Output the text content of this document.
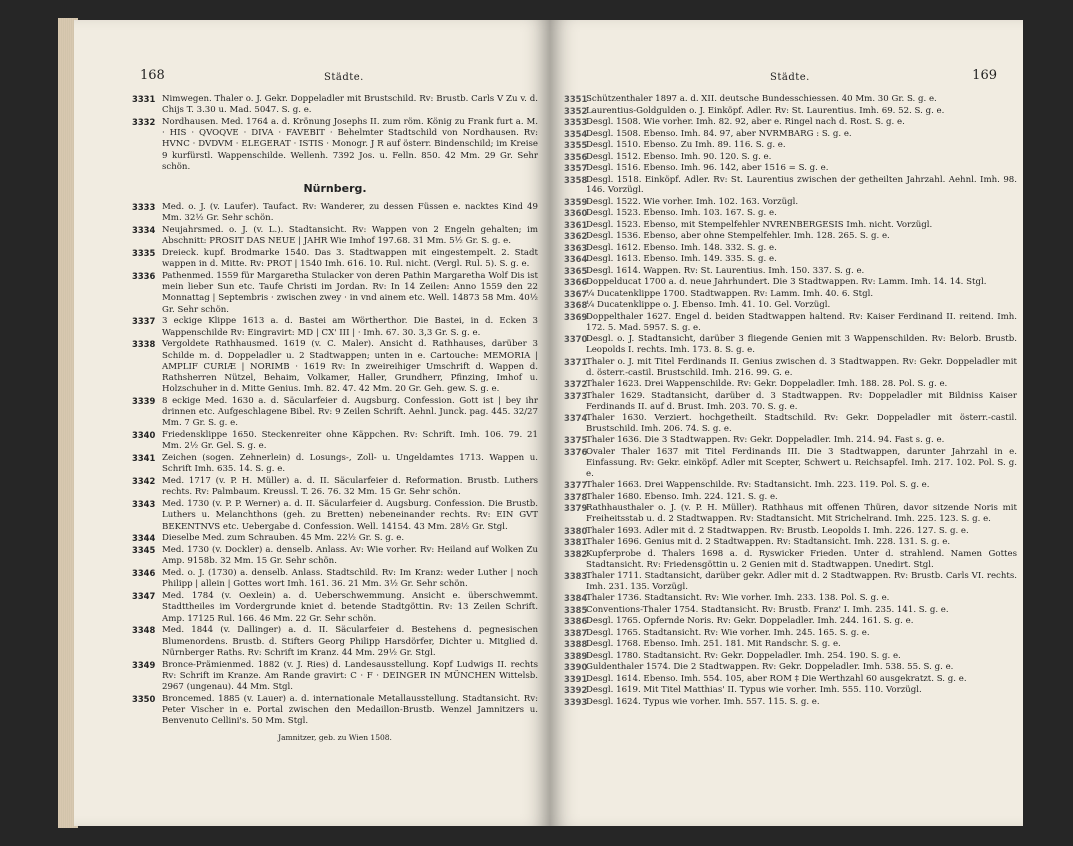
168	Städte.
3331 Nimwegen. Thaler o. J. Gekr. Doppeladler mit Brustschild. Rv: Brustb. Carls V Zu v. d. Chijs T. 3.30 u. Mad. 5047. S. g. e.
3332 Nordhausen. Med. 1764 a. d. Krönung Josephs II. zum röm. König zu Frank furt a. M. · HIS · QVOQVE · DIVA · FAVEBIT · Behelmter Stadtschild von Nordhausen. Rv: HVNC · DVDVM · ELEGERAT · ISTIS · Monogr. J R auf österr. Bindenschild; im Kreise 9 kurfürstl. Wappenschilde. Wellenh. 7392 Jos. u. Felln. 850. 42 Mm. 29 Gr. Sehr schön.
Nürnberg.
3333 Med. o. J. (v. Laufer). Taufact. Rv: Wanderer, zu dessen Füssen e. nacktes Kind 49 Mm. 32½ Gr. Sehr schön.
3334 Neujahrsmed. o. J. (v. L.). Stadtansicht. Rv: Wappen von 2 Engeln gehalten; im Abschnitt: PROSIT DAS NEUE | JAHR Wie Imhof 197.68. 31 Mm. 5½ Gr. S. g. e.
3335 Dreieck. kupf. Brodmarke 1540. Das 3. Stadtwappen mit eingestempelt. 2. Stadt wappen in d. Mitte. Rv: PROT | 1540 Imh. 616. 10. Rul. nicht. (Vergl. Rul. 5). S. g. e.
3336 Pathenmed. 1559 für Margaretha Stulacker von deren Pathin Margaretha Wolf Dis ist mein lieber Sun etc. Taufe Christi im Jordan. Rv: In 14 Zeilen: Anno 1559 den 22 Monnattag | Septembris · zwischen zwey · in vnd ainem etc. Well. 14873 58 Mm. 40½ Gr. Sehr schön.
3337 3 eckige Klippe 1613 a. d. Bastei am Wörtherthor. Die Bastei, in d. Ecken 3 Wappenschilde Rv: Eingravirt: MD | CX' III | · Imh. 67. 30. 3,3 Gr. S. g. e.
3338 Vergoldete Rathhausmed. 1619 (v. C. Maler). Ansicht d. Rathhauses, darüber 3 Schilde m. d. Doppeladler u. 2 Stadtwappen; unten in e. Cartouche: MEMORIA | AMPLIF CURIÆ | NORIMB · 1619 Rv: In zweireihiger Umschrift d. Wappen d. Rathsherren Nützel, Behaim, Volkamer, Haller, Grundherr, Pfinzing, Imhof u. Holzschuher in d. Mitte Genius. Imh. 82. 47. 42 Mm. 20 Gr. Geh. gew. S. g. e.
3339 8 eckige Med. 1630 a. d. Säcularfeier d. Augsburg. Confession. Gott ist | bey ihr drinnen etc. Aufgeschlagene Bibel. Rv: 9 Zeilen Schrift. Aehnl. Junck. pag. 445. 32/27 Mm. 7 Gr. S. g. e.
3340 Friedensklippe 1650. Steckenreiter ohne Käppchen. Rv: Schrift. Imh. 106. 79. 21 Mm. 2½ Gr. Gel. S. g. e.
3341 Zeichen (sogen. Zehnerlein) d. Losungs-, Zoll- u. Ungeldamtes 1713. Wappen u. Schrift Imh. 635. 14. S. g. e.
3342 Med. 1717 (v. P. H. Müller) a. d. II. Säcularfeier d. Reformation. Brustb. Luthers rechts. Rv: Palmbaum. Kreussl. T. 26. 76. 32 Mm. 15 Gr. Sehr schön.
3343 Med. 1730 (v. P. P. Werner) a. d. II. Säcularfeier d. Augsburg. Confession. Die Brustb. Luthers u. Melanchthons (geh. zu Bretten) nebeneinander rechts. Rv: EIN GVT BEKENTNVS etc. Uebergabe d. Confession. Well. 14154. 43 Mm. 28½ Gr. Stgl.
3344 Dieselbe Med. zum Schrauben. 45 Mm. 22½ Gr. S. g. e.
3345 Med. 1730 (v. Dockler) a. denselb. Anlass. Av: Wie vorher. Rv: Heiland auf Wolken Zu Amp. 9158b. 32 Mm. 15 Gr. Sehr schön.
3346 Med. o. J. (1730) a. denselb. Anlass. Stadtschild. Rv: Im Kranz: weder Luther | noch Philipp | allein | Gottes wort Imh. 161. 36. 21 Mm. 3½ Gr. Sehr schön.
3347 Med. 1784 (v. Oexlein) a. d. Ueberschwemmung. Ansicht e. überschwemmt. Stadttheiles im Vordergrunde kniet d. betende Stadtgöttin. Rv: 13 Zeilen Schrift. Amp. 17125 Rul. 166. 46 Mm. 22 Gr. Sehr schön.
3348 Med. 1844 (v. Dallinger) a. d. II. Säcularfeier d. Bestehens d. pegnesischen Blumenordens. Brustb. d. Stifters Georg Philipp Harsdörfer, Dichter u. Mitglied d. Nürnberger Raths. Rv: Schrift im Kranz. 44 Mm. 29½ Gr. Stgl.
3349 Bronce-Prämienmed. 1882 (v. J. Ries) d. Landesausstellung. Kopf Ludwigs II. rechts Rv: Schrift im Kranze. Am Rande gravirt: C · F · DEINGER IN MÜNCHEN Wittelsb. 2967 (ungenau). 44 Mm. Stgl.
3350 Broncemed. 1885 (v. Lauer) a. d. internationale Metallausstellung. Stadtansicht. Rv: Peter Vischer in e. Portal zwischen den Medaillon-Brustb. Wenzel Jamnitzers u. Benvenuto Cellini's. 50 Mm. Stgl.
Jamnitzer, geb. zu Wien 1508.
169
Städte.
3351
Schützenthaler 1897 a. d. XII. deutsche Bundesschiessen. 40 Mm. 30 Gr. S. g. e.
3352
Laurentius-Goldgulden o. J. Einköpf. Adler. Rv: St. Laurentius. Imh. 69. 52. S. g. e.
3353
Desgl. 1508. Wie vorher. Imh. 82. 92, aber e. Ringel nach d. Rost. S. g. e.
3354
Desgl. 1508. Ebenso. Imh. 84. 97, aber NVRMBARG : S. g. e.
3355
Desgl. 1510. Ebenso. Zu Imh. 89. 116. S. g. e.
3356
Desgl. 1512. Ebenso. Imh. 90. 120. S. g. e.
3357
Desgl. 1516. Ebenso. Imh. 96. 142, aber 1516 = S. g. e.
3358
Desgl. 1518. Einköpf. Adler. Rv: St. Laurentius zwischen der getheilten Jahrzahl. Aehnl. Imh. 98. 146. Vorzügl.
3359
Desgl. 1522. Wie vorher. Imh. 102. 163. Vorzügl.
3360
Desgl. 1523. Ebenso. Imh. 103. 167. S. g. e.
3361
Desgl. 1523. Ebenso, mit Stempelfehler NVRENBERGESIS Imh. nicht. Vorzügl.
3362
Desgl. 1536. Ebenso, aber ohne Stempelfehler. Imh. 128. 265. S. g. e.
3363
Desgl. 1612. Ebenso. Imh. 148. 332. S. g. e.
3364
Desgl. 1613. Ebenso. Imh. 149. 335. S. g. e.
3365
Desgl. 1614. Wappen. Rv: St. Laurentius. Imh. 150. 337. S. g. e.
3366
Doppelducat 1700 a. d. neue Jahrhundert. Die 3 Stadtwappen. Rv: Lamm. Imh. 14. 14. Stgl.
3367
¼ Ducatenklippe 1700. Stadtwappen. Rv: Lamm. Imh. 40. 6. Stgl.
3368
¼ Ducatenklippe o. J. Ebenso. Imh. 41. 10. Gel. Vorzügl.
3369
Doppelthaler 1627. Engel d. beiden Stadtwappen haltend. Rv: Kaiser Ferdinand II. reitend. Imh. 172. 5. Mad. 5957. S. g. e.
3370
Desgl. o. J. Stadtansicht, darüber 3 fliegende Genien mit 3 Wappenschilden. Rv: Belorb. Brustb. Leopolds I. rechts. Imh. 173. 8. S. g. e.
3371
Thaler o. J. mit Titel Ferdinands II. Genius zwischen d. 3 Stadtwappen. Rv: Gekr. Doppeladler mit d. österr.-castil. Brustschild. Imh. 216. 99. G. e.
3372
Thaler 1623. Drei Wappenschilde. Rv: Gekr. Doppeladler. Imh. 188. 28. Pol. S. g. e.
3373
Thaler 1629. Stadtansicht, darüber d. 3 Stadtwappen. Rv: Doppeladler mit Bildniss Kaiser Ferdinands II. auf d. Brust. Imh. 203. 70. S. g. e.
3374
Thaler 1630. Verziert. hochgetheilt. Stadtschild. Rv: Gekr. Doppeladler mit österr.-castil. Brustschild. Imh. 206. 74. S. g. e.
3375
Thaler 1636. Die 3 Stadtwappen. Rv: Gekr. Doppeladler. Imh. 214. 94. Fast s. g. e.
3376
Ovaler Thaler 1637 mit Titel Ferdinands III. Die 3 Stadtwappen, darunter Jahrzahl in e. Einfassung. Rv: Gekr. einköpf. Adler mit Scepter, Schwert u. Reichsapfel. Imh. 217. 102. Pol. S. g. e.
3377
Thaler 1663. Drei Wappenschilde. Rv: Stadtansicht. Imh. 223. 119. Pol. S. g. e.
3378
Thaler 1680. Ebenso. Imh. 224. 121. S. g. e.
3379
Rathhausthaler o. J. (v. P. H. Müller). Rathhaus mit offenen Thüren, davor sitzende Noris mit Freiheitsstab u. d. 2 Stadtwappen. Rv: Stadtansicht. Mit Strichelrand. Imh. 225. 123. S. g. e.
3380
Thaler 1693. Adler mit d. 2 Stadtwappen. Rv: Brustb. Leopolds I. Imh. 226. 127. S. g. e.
3381
Thaler 1696. Genius mit d. 2 Stadtwappen. Rv: Stadtansicht. Imh. 228. 131. S. g. e.
3382
Kupferprobe d. Thalers 1698 a. d. Ryswicker Frieden. Unter d. strahlend. Namen Gottes Stadtansicht. Rv: Friedensgöttin u. 2 Genien mit d. Stadtwappen. Unedirt. Stgl.
3383
Thaler 1711. Stadtansicht, darüber gekr. Adler mit d. 2 Stadtwappen. Rv: Brustb. Carls VI. rechts. Imh. 231. 135. Vorzügl.
3384
Thaler 1736. Stadtansicht. Rv: Wie vorher. Imh. 233. 138. Pol. S. g. e.
3385
Conventions-Thaler 1754. Stadtansicht. Rv: Brustb. Franz' I. Imh. 235. 141. S. g. e.
3386
Desgl. 1765. Opfernde Noris. Rv: Gekr. Doppeladler. Imh. 244. 161. S. g. e.
3387
Desgl. 1765. Stadtansicht. Rv: Wie vorher. Imh. 245. 165. S. g. e.
3388
Desgl. 1768. Ebenso. Imh. 251. 181. Mit Randschr. S. g. e.
3389
Desgl. 1780. Stadtansicht. Rv: Gekr. Doppeladler. Imh. 254. 190. S. g. e.
3390
Guldenthaler 1574. Die 2 Stadtwappen. Rv: Gekr. Doppeladler. Imh. 538. 55. S. g. e.
3391
Desgl. 1614. Ebenso. Imh. 554. 105, aber ROM ‡ Die Werthzahl 60 ausgekratzt. S. g. e.
3392
Desgl. 1619. Mit Titel Matthias' II. Typus wie vorher. Imh. 555. 110. Vorzügl.
3393
Desgl. 1624. Typus wie vorher. Imh. 557. 115. S. g. e.
